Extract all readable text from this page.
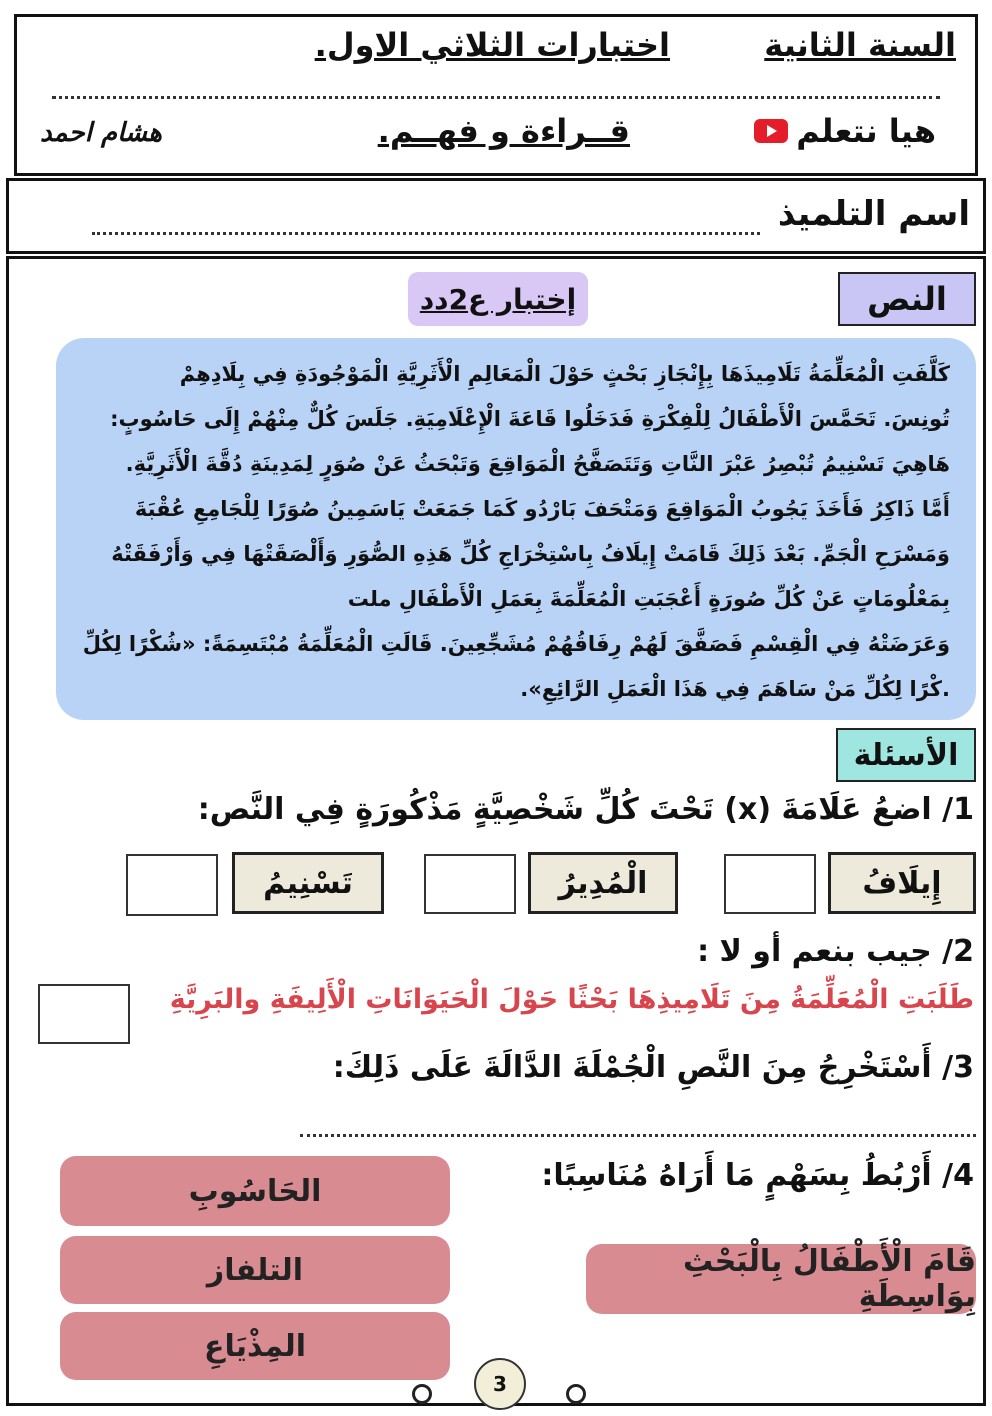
السنة الثانية
اختبارات الثلاثي الاول.
هيا نتعلم
قــراءة و فهــم.
هشام احمد
اسم التلميذ
النص
إختبار ع2دد
كَلَّفَتِ الْمُعَلِّمَةُ تَلَامِيذَهَا بِإِنْجَازِ بَحْثٍ حَوْلَ الْمَعَالِمِ الْأَثَرِيَّةِ الْمَوْجُودَةِ فِي بِلَادِهِمْ
تُونِسَ. تَحَمَّسَ الْأَطْفَالُ لِلْفِكْرَةِ فَدَخَلُوا قَاعَةَ الْإِعْلَامِيَةِ. جَلَسَ كُلٌّ مِنْهُمْ إِلَى حَاسُوبٍ:
هَاهِيَ تَسْنِيمُ تُبْصِرُ عَبْرَ النَّاتِ وَتَتَصَفَّحُ الْمَوَاقِعَ وَتَبْحَثُ عَنْ صُوَرٍ لِمَدِينَةِ دُقَّةَ الْأَثَرِيَّةِ.
أَمَّا ذَاكِرُ فَأَخَذَ يَجُوبُ الْمَوَاقِعَ وَمَتْحَفَ بَارْدُو كَمَا جَمَعَتْ يَاسَمِينُ صُوَرًا لِلْجَامِعِ عُقْبَةَ
وَمَسْرَحِ الْجَمِّ. بَعْدَ ذَلِكَ قَامَتْ إِيلَافُ بِاسْتِخْرَاجِ كُلِّ هَذِهِ الصُّوَرِ وَأَلْصَقَتْهَا فِي وَأَرْفَقَتْهُ
بِمَعْلُومَاتٍ عَنْ كُلِّ صُورَةٍ أَعْجَبَتِ الْمُعَلِّمَةَ بِعَمَلِ الْأَطْفَالِ ملت
وَعَرَضَتْهُ فِي الْقِسْمِ فَصَفَّقَ لَهُمْ رِفَاقُهُمْ مُشَجِّعِينَ. قَالَتِ الْمُعَلِّمَةُ مُبْتَسِمَةً: «شُكْرًا لِكُلِّ
.كْرًا لِكُلِّ مَنْ سَاهَمَ فِي هَذَا الْعَمَلِ الرَّائِعِ».
الأسئلة
1/ اضعُ عَلَامَةَ (x) تَحْتَ كُلِّ شَخْصِيَّةٍ مَذْكُورَةٍ فِي النَّص:
إِيلَافُ
الْمُدِيرُ
تَسْنِيمُ
2/ جيب بنعم أو لا :
طَلَبَتِ الْمُعَلِّمَةُ مِنَ تَلَامِيذِهَا بَحْثًا حَوْلَ الْحَيَوَانَاتِ الْأَلِيفَةِ والبَرِيَّةِ
3/ أَسْتَخْرِجُ مِنَ النَّصِ الْجُمْلَةَ الدَّالَةَ عَلَى ذَلِكَ:
4/ أَرْبُطُ بِسَهْمٍ مَا أَرَاهُ مُنَاسِبًا:
الحَاسُوبِ
التلفاز
المِذْيَاعِ
قَامَ الْأَطْفَالُ بِالْبَحْثِ بِوَاسِطَةِ
3
